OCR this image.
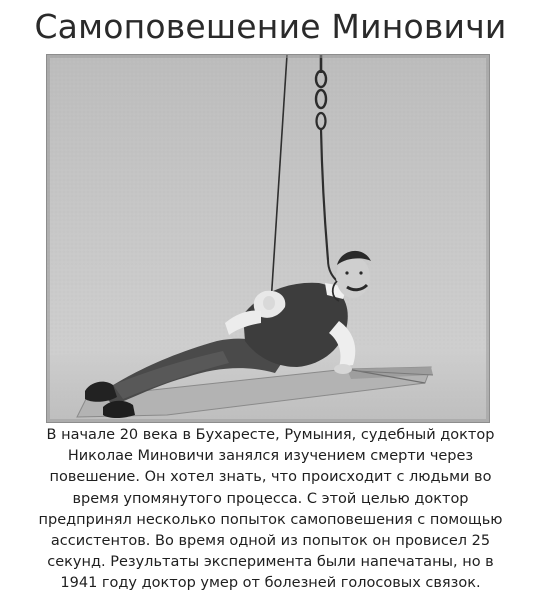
Самоповешение Миновичи
В начале 20 века в Бухаресте, Румыния, судебный доктор
Николае Миновичи занялся изучением смерти через
повешение. Он хотел знать, что происходит с людьми во
время упомянутого процесса. С этой целью доктор
предпринял несколько попыток самоповешения с помощью
ассистентов. Во время одной из попыток он провисел 25
секунд. Результаты эксперимента были напечатаны, но в
1941 году доктор умер от болезней голосовых связок.
